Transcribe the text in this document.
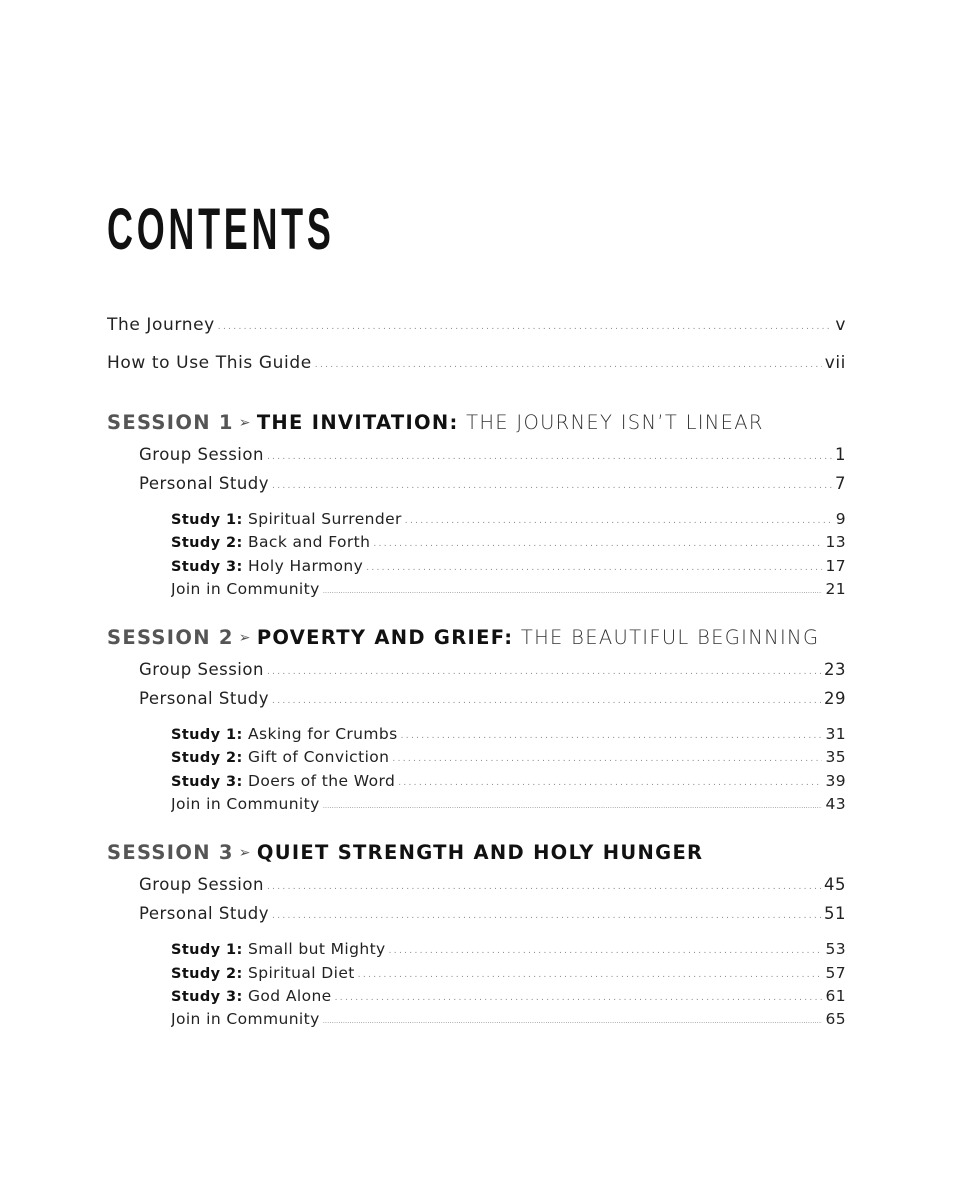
CONTENTS
The Journey .....	v
How to Use This Guide .....	vii
SESSION 1 ➢ THE INVITATION: THE JOURNEY ISN’T LINEAR
Group Session .....	1
Personal Study .....	7
Study 1: Spiritual Surrender .....	9
Study 2: Back and Forth .....	13
Study 3: Holy Harmony .....	17
Join in Community .....	21
SESSION 2 ➢ POVERTY AND GRIEF: THE BEAUTIFUL BEGINNING
Group Session .....	23
Personal Study .....	29
Study 1: Asking for Crumbs .....	31
Study 2: Gift of Conviction .....	35
Study 3: Doers of the Word .....	39
Join in Community .....	43
SESSION 3 ➢ QUIET STRENGTH AND HOLY HUNGER
Group Session .....	45
Personal Study .....	51
Study 1: Small but Mighty .....	53
Study 2: Spiritual Diet .....	57
Study 3: God Alone .....	61
Join in Community .....	65
